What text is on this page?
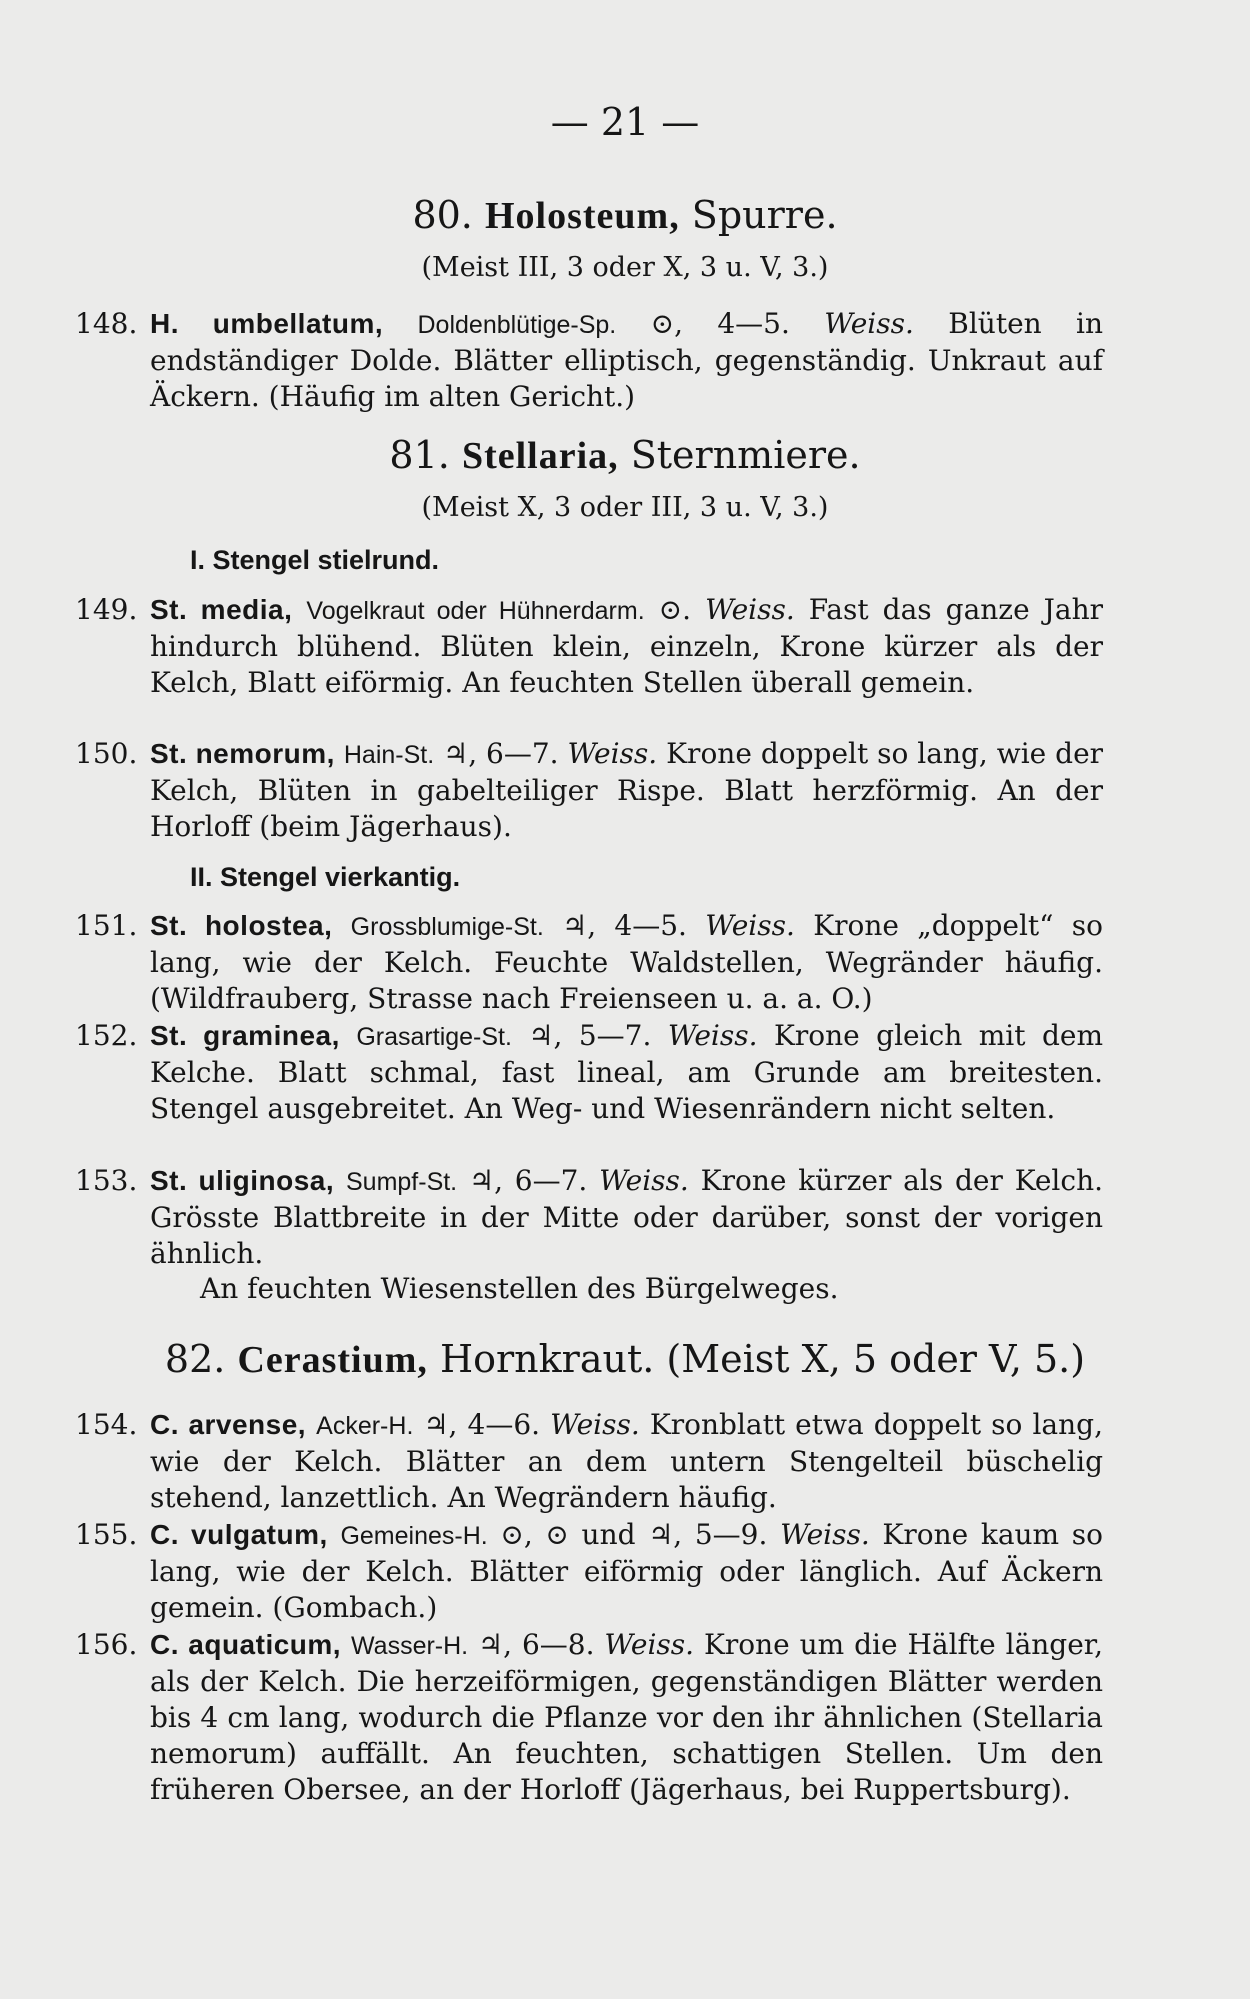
— 21 —
80. Holosteum, Spurre.
(Meist III, 3 oder X, 3 u. V, 3.)
148. H. umbellatum, Doldenblütige-Sp. ⊙, 4—5. Weiss. Blüten in endständiger Dolde. Blätter elliptisch, gegenständig. Unkraut auf Äckern. (Häufig im alten Gericht.)
81. Stellaria, Sternmiere.
(Meist X, 3 oder III, 3 u. V, 3.)
I. Stengel stielrund.
149. St. media, Vogelkraut oder Hühnerdarm. ⊙. Weiss. Fast das ganze Jahr hindurch blühend. Blüten klein, einzeln, Krone kürzer als der Kelch, Blatt eiförmig. An feuchten Stellen überall gemein.
150. St. nemorum, Hain-St. ♃, 6—7. Weiss. Krone doppelt so lang, wie der Kelch, Blüten in gabelteiliger Rispe. Blatt herzförmig. An der Horloff (beim Jägerhaus).
II. Stengel vierkantig.
151. St. holostea, Grossblumige-St. ♃, 4—5. Weiss. Krone „doppelt“ so lang, wie der Kelch. Feuchte Waldstellen, Wegränder häufig. (Wildfrauberg, Strasse nach Freienseen u. a. a. O.)
152. St. graminea, Grasartige-St. ♃, 5—7. Weiss. Krone gleich mit dem Kelche. Blatt schmal, fast lineal, am Grunde am breitesten. Stengel ausgebreitet. An Weg- und Wiesenrändern nicht selten.
153. St. uliginosa, Sumpf-St. ♃, 6—7. Weiss. Krone kürzer als der Kelch. Grösste Blattbreite in der Mitte oder darüber, sonst der vorigen ähnlich.
An feuchten Wiesenstellen des Bürgelweges.
82. Cerastium, Hornkraut. (Meist X, 5 oder V, 5.)
154. C. arvense, Acker-H. ♃, 4—6. Weiss. Kronblatt etwa doppelt so lang, wie der Kelch. Blätter an dem untern Stengelteil büschelig stehend, lanzettlich. An Wegrändern häufig.
155. C. vulgatum, Gemeines-H. ⊙, ⊙ und ♃, 5—9. Weiss. Krone kaum so lang, wie der Kelch. Blätter eiförmig oder länglich. Auf Äckern gemein. (Gombach.)
156. C. aquaticum, Wasser-H. ♃, 6—8. Weiss. Krone um die Hälfte länger, als der Kelch. Die herzeiförmigen, gegenständigen Blätter werden bis 4 cm lang, wodurch die Pflanze vor den ihr ähnlichen (Stellaria nemorum) auffällt. An feuchten, schattigen Stellen. Um den früheren Obersee, an der Horloff (Jägerhaus, bei Ruppertsburg).
